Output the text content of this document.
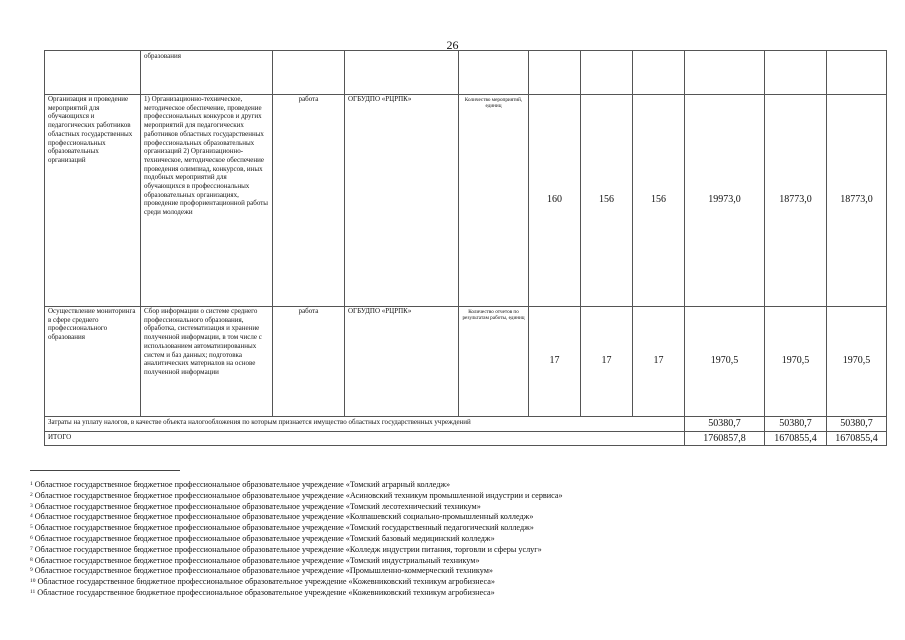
26
	образования									
Организация и проведение мероприятий для обучающихся и педагогических работников областных государственных профессиональных образовательных организаций	1) Организационно-техническое, методическое обеспечение, проведение профессиональных конкурсов и других мероприятий для педагогических работников областных государственных профессиональных образовательных организаций 2) Организационно-техническое, методическое обеспечение проведения олимпиад, конкурсов, иных подобных мероприятий для обучающихся в профессиональных образовательных организациях, проведение профориентационной работы среди молодежи	работа	ОГБУДПО «РЦРПК»	Количество мероприятий, единиц	160	156	156	19973,0	18773,0	18773,0
Осуществление мониторинга в сфере среднего профессионального образования	Сбор информации о системе среднего профессионального образования, обработка, систематизация и хранение полученной информации, в том числе с использованием автоматизированных систем и баз данных; подготовка аналитических материалов на основе полученной информации	работа	ОГБУДПО «РЦРПК»	Количество отчетов по результатам работы, единиц	17	17	17	1970,5	1970,5	1970,5
Затраты на уплату налогов, в качестве объекта налогообложения по которым признается имущество областных государственных учреждений								50380,7	50380,7	50380,7
ИТОГО								1760857,8	1670855,4	1670855,4
$^1$ Областное государственное бюджетное профессиональное образовательное учреждение «Томский аграрный колледж»
$^2$ Областное государственное бюджетное профессиональное образовательное учреждение «Асиновский техникум промышленной индустрии и сервиса»
$^3$ Областное государственное бюджетное профессиональное образовательное учреждение «Томский лесотехнический техникум»
$^4$ Областное государственное бюджетное профессиональное образовательное учреждение «Колпашевский социально-промышленный колледж»
$^5$ Областное государственное бюджетное профессиональное образовательное учреждение «Томский государственный педагогический колледж»
$^6$ Областное государственное бюджетное профессиональное образовательное учреждение «Томский базовый медицинский колледж»
$^7$ Областное государственное бюджетное профессиональное образовательное учреждение «Колледж индустрии питания, торговли и сферы услуг»
$^8$ Областное государственное бюджетное профессиональное образовательное учреждение «Томский индустриальный техникум»
$^9$ Областное государственное бюджетное профессиональное образовательное учреждение «Промышленно-коммерческий техникум»
$^{10}$ Областное государственное бюджетное профессиональное образовательное учреждение «Кожевниковский техникум агробизнеса»
$^{11}$ Областное государственное бюджетное профессиональное образовательное учреждение «Кожевниковский техникум агробизнеса»
